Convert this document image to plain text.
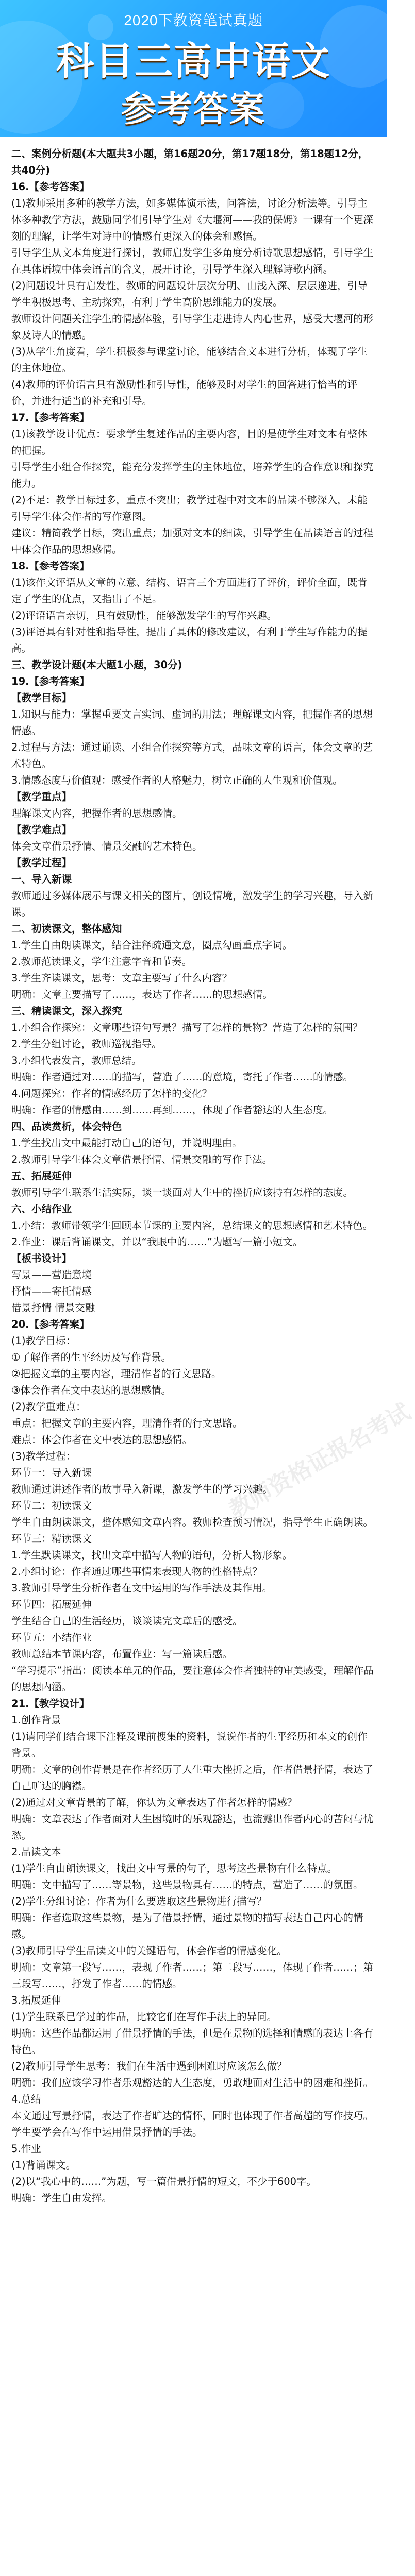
2020下教资笔试真题
科目三高中语文
参考答案

二、案例分析题(本大题共3小题，第16题20分，第17题18分，第18题12分，共40分)

16.【参考答案】

(1)教师采用多种的教学方法，如多媒体演示法，问答法，讨论分析法等。引导主体多种教学方法，鼓励同学们引导学生对《大堰河——我的保姆》一课有一个更深刻的理解，让学生对诗中的情感有更深入的体会和感悟。

引导学生从文本角度进行探讨，教师启发学生多角度分析诗歌思想感情，引导学生在具体语境中体会语言的含义，展开讨论，引导学生深入理解诗歌内涵。

(2)问题设计具有启发性，教师的问题设计层次分明、由浅入深、层层递进，引导学生积极思考、主动探究，有利于学生高阶思维能力的发展。

教师设计问题关注学生的情感体验，引导学生走进诗人内心世界，感受大堰河的形象及诗人的情感。

(3)从学生角度看，学生积极参与课堂讨论，能够结合文本进行分析，体现了学生的主体地位。

(4)教师的评价语言具有激励性和引导性，能够及时对学生的回答进行恰当的评价，并进行适当的补充和引导。

17.【参考答案】

(1)该教学设计优点：要求学生复述作品的主要内容，目的是使学生对文本有整体的把握。

引导学生小组合作探究，能充分发挥学生的主体地位，培养学生的合作意识和探究能力。

(2)不足：教学目标过多，重点不突出；教学过程中对文本的品读不够深入，未能引导学生体会作者的写作意图。

建议：精简教学目标，突出重点；加强对文本的细读，引导学生在品读语言的过程中体会作品的思想感情。

18.【参考答案】

(1)该作文评语从文章的立意、结构、语言三个方面进行了评价，评价全面，既肯定了学生的优点，又指出了不足。

(2)评语语言亲切，具有鼓励性，能够激发学生的写作兴趣。

(3)评语具有针对性和指导性，提出了具体的修改建议，有利于学生写作能力的提高。

三、教学设计题(本大题1小题，30分)

19.【参考答案】

【教学目标】

1.知识与能力：掌握重要文言实词、虚词的用法；理解课文内容，把握作者的思想情感。

2.过程与方法：通过诵读、小组合作探究等方式，品味文章的语言，体会文章的艺术特色。

3.情感态度与价值观：感受作者的人格魅力，树立正确的人生观和价值观。

【教学重点】

理解课文内容，把握作者的思想感情。

【教学难点】

体会文章借景抒情、情景交融的艺术特色。

【教学过程】

一、导入新课

教师通过多媒体展示与课文相关的图片，创设情境，激发学生的学习兴趣，导入新课。

二、初读课文，整体感知

1.学生自由朗读课文，结合注释疏通文意，圈点勾画重点字词。

2.教师范读课文，学生注意字音和节奏。

3.学生齐读课文，思考：文章主要写了什么内容？

明确：文章主要描写了……，表达了作者……的思想感情。

三、精读课文，深入探究

1.小组合作探究：文章哪些语句写景？描写了怎样的景物？营造了怎样的氛围？

2.学生分组讨论，教师巡视指导。

3.小组代表发言，教师总结。

明确：作者通过对……的描写，营造了……的意境，寄托了作者……的情感。

4.问题探究：作者的情感经历了怎样的变化？

明确：作者的情感由……到……再到……，体现了作者豁达的人生态度。

四、品读赏析，体会特色

1.学生找出文中最能打动自己的语句，并说明理由。

2.教师引导学生体会文章借景抒情、情景交融的写作手法。

五、拓展延伸

教师引导学生联系生活实际，谈一谈面对人生中的挫折应该持有怎样的态度。

六、小结作业

1.小结：教师带领学生回顾本节课的主要内容，总结课文的思想感情和艺术特色。

2.作业：课后背诵课文，并以“我眼中的……”为题写一篇小短文。

【板书设计】

写景——营造意境

抒情——寄托情感

借景抒情 情景交融

20.【参考答案】

(1)教学目标：

①了解作者的生平经历及写作背景。

②把握文章的主要内容，理清作者的行文思路。

③体会作者在文中表达的思想感情。

(2)教学重难点：

重点：把握文章的主要内容，理清作者的行文思路。

难点：体会作者在文中表达的思想感情。

(3)教学过程：

环节一：导入新课

教师通过讲述作者的故事导入新课，激发学生的学习兴趣。

环节二：初读课文

学生自由朗读课文，整体感知文章内容。教师检查预习情况，指导学生正确朗读。

环节三：精读课文

1.学生默读课文，找出文章中描写人物的语句，分析人物形象。

2.小组讨论：作者通过哪些事情来表现人物的性格特点？

3.教师引导学生分析作者在文中运用的写作手法及其作用。

环节四：拓展延伸

学生结合自己的生活经历，谈谈读完文章后的感受。

环节五：小结作业

教师总结本节课内容，布置作业：写一篇读后感。

“学习提示”指出：阅读本单元的作品，要注意体会作者独特的审美感受，理解作品的思想内涵。

21.【教学设计】

1.创作背景

(1)请同学们结合课下注释及课前搜集的资料，说说作者的生平经历和本文的创作背景。

明确：文章的创作背景是在作者经历了人生重大挫折之后，作者借景抒情，表达了自己旷达的胸襟。

(2)通过对文章背景的了解，你认为文章表达了作者怎样的情感？

明确：文章表达了作者面对人生困境时的乐观豁达，也流露出作者内心的苦闷与忧愁。

2.品读文本

(1)学生自由朗读课文，找出文中写景的句子，思考这些景物有什么特点。

明确：文中描写了……等景物，这些景物具有……的特点，营造了……的氛围。

(2)学生分组讨论：作者为什么要选取这些景物进行描写？

明确：作者选取这些景物，是为了借景抒情，通过景物的描写表达自己内心的情感。

(3)教师引导学生品读文中的关键语句，体会作者的情感变化。

明确：文章第一段写……，表现了作者……；第二段写……，体现了作者……；第三段写……，抒发了作者……的情感。

3.拓展延伸

(1)学生联系已学过的作品，比较它们在写作手法上的异同。

明确：这些作品都运用了借景抒情的手法，但是在景物的选择和情感的表达上各有特色。

(2)教师引导学生思考：我们在生活中遇到困难时应该怎么做？

明确：我们应该学习作者乐观豁达的人生态度，勇敢地面对生活中的困难和挫折。

4.总结

本文通过写景抒情，表达了作者旷达的情怀，同时也体现了作者高超的写作技巧。学生要学会在写作中运用借景抒情的手法。

5.作业

(1)背诵课文。

(2)以“我心中的……”为题，写一篇借景抒情的短文，不少于600字。

明确：学生自由发挥。

教师资格证报名考试
